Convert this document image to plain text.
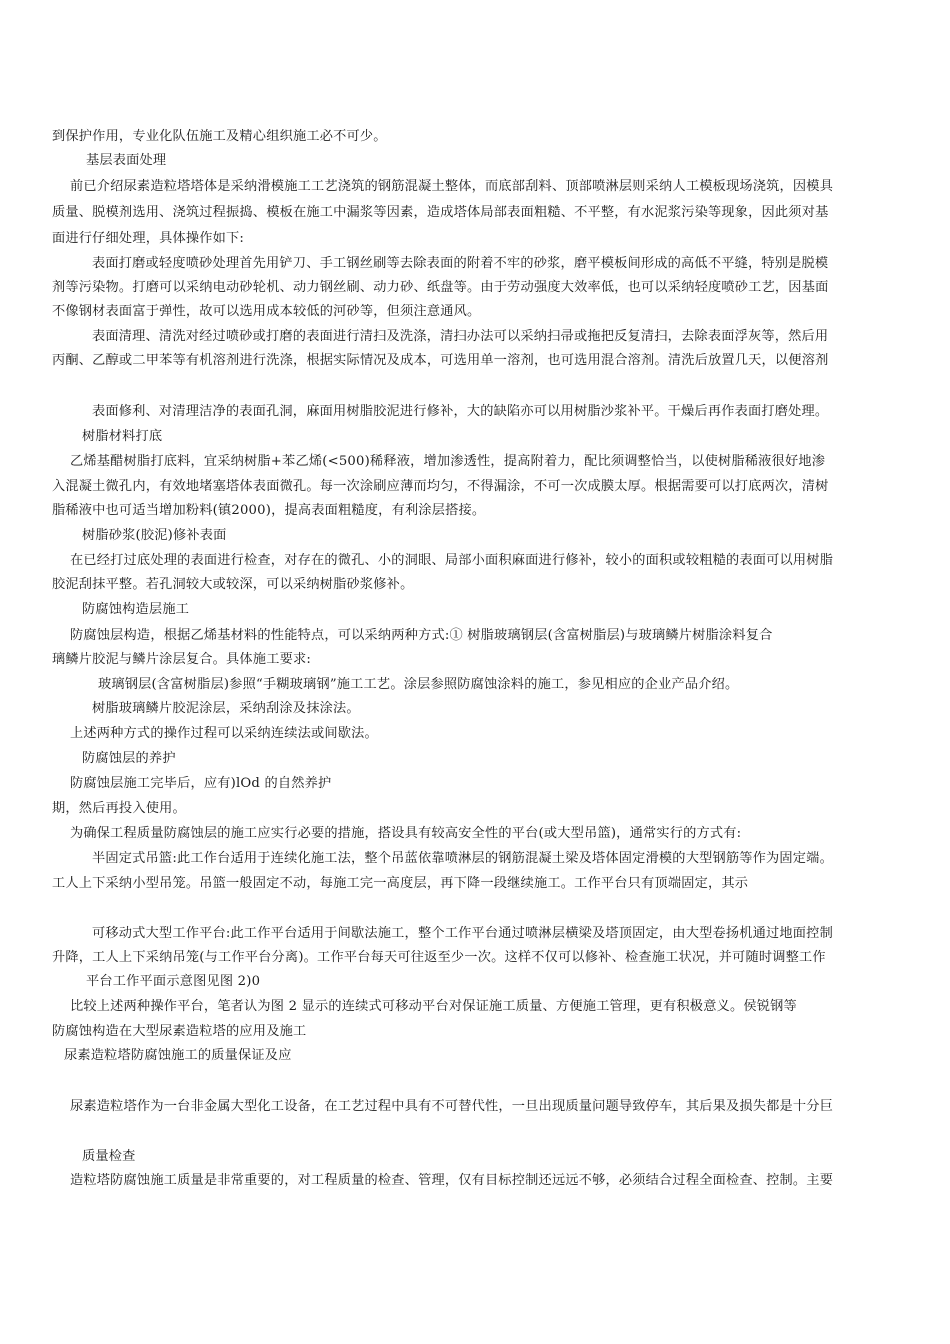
到保护作用，专业化队伍施工及精心组织施工必不可少。
基层表面处理
前已介绍尿素造粒塔塔体是采纳滑模施工工艺浇筑的钢筋混凝土整体，而底部刮料、顶部喷淋层则采纳人工模板现场浇筑，因模具
质量、脱模剂选用、浇筑过程振捣、模板在施工中漏浆等因素，造成塔体局部表面粗糙、不平整，有水泥浆污染等现象，因此须对基
面进行仔细处理，具体操作如下:
表面打磨或轻度喷砂处理首先用铲刀、手工钢丝刷等去除表面的附着不牢的砂浆，磨平模板间形成的高低不平缝，特别是脱模
剂等污染物。打磨可以采纳电动砂轮机、动力钢丝刷、动力砂、纸盘等。由于劳动强度大效率低，也可以采纳轻度喷砂工艺，因基面
不像钢材表面富于弹性，故可以选用成本较低的河砂等，但须注意通风。
表面清理、清洗对经过喷砂或打磨的表面进行清扫及洗涤，清扫办法可以采纳扫帚或拖把反复清扫，去除表面浮灰等，然后用
丙酮、乙醇或二甲苯等有机溶剂进行洗涤，根据实际情况及成本，可选用单一溶剂，也可选用混合溶剂。清洗后放置几天，以便溶剂
表面修利、对清理洁净的表面孔洞，麻面用树脂胶泥进行修补，大的缺陷亦可以用树脂沙浆补平。干燥后再作表面打磨处理。
树脂材料打底
乙烯基醋树脂打底料，宜采纳树脂+苯乙烯(<500)稀释液，增加渗透性，提高附着力，配比须调整恰当，以使树脂稀液很好地渗
入混凝土微孔内，有效地堵塞塔体表面微孔。每一次涂刷应薄而均匀，不得漏涂，不可一次成膜太厚。根据需要可以打底两次，清树
脂稀液中也可适当增加粉料(镇2000)，提高表面粗糙度，有利涂层搭接。
树脂砂浆(胶泥)修补表面
在已经打过底处理的表面进行检查，对存在的微孔、小的洞眼、局部小面积麻面进行修补，较小的面积或较粗糙的表面可以用树脂
胶泥刮抹平整。若孔洞较大或较深，可以采纳树脂砂浆修补。
防腐蚀构造层施工
防腐蚀层构造，根据乙烯基材料的性能特点，可以采纳两种方式:① 树脂玻璃钢层(含富树脂层)与玻璃鳞片树脂涂料复合
璃鳞片胶泥与鳞片涂层复合。具体施工要求:
玻璃钢层(含富树脂层)参照“手糊玻璃钢”施工工艺。涂层参照防腐蚀涂料的施工，参见相应的企业产品介绍。
树脂玻璃鳞片胶泥涂层，采纳刮涂及抹涂法。
上述两种方式的操作过程可以采纳连续法或间歇法。
防腐蚀层的养护
防腐蚀层施工完毕后，应有)lOd 的自然养护
期，然后再投入使用。
为确保工程质量防腐蚀层的施工应实行必要的措施，搭设具有较高安全性的平台(或大型吊篮)，通常实行的方式有:
半固定式吊篮:此工作台适用于连续化施工法，整个吊蓝依靠喷淋层的钢筋混凝土梁及塔体固定滑模的大型钢筋等作为固定端。
工人上下采纳小型吊笼。吊篮一般固定不动，每施工完一高度层，再下降一段继续施工。工作平台只有顶端固定，其示
可移动式大型工作平台:此工作平台适用于间歇法施工，整个工作平台通过喷淋层横梁及塔顶固定，由大型卷扬机通过地面控制
升降，工人上下采纳吊笼(与工作平台分离)。工作平台每天可往返至少一次。这样不仅可以修补、检查施工状况，并可随时调整工作
平台工作平面示意图见图 2)0
比较上述两种操作平台，笔者认为图 2 显示的连续式可移动平台对保证施工质量、方便施工管理，更有积极意义。侯锐钢等
防腐蚀构造在大型尿素造粒塔的应用及施工
尿素造粒塔防腐蚀施工的质量保证及应
尿素造粒塔作为一台非金属大型化工设备，在工艺过程中具有不可替代性，一旦出现质量问题导致停车，其后果及损失都是十分巨
质量检查
造粒塔防腐蚀施工质量是非常重要的，对工程质量的检查、管理，仅有目标控制还远远不够，必须结合过程全面检查、控制。主要
